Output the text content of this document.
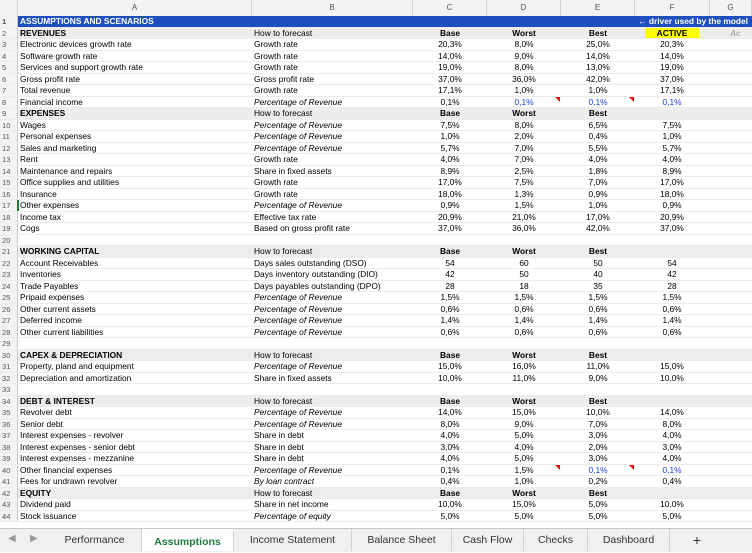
A	B	C	D	E	F	G
1	ASSUMPTIONS AND SCENARIOS	← driver used by the model
2	REVENUES	How to forecast	Base	Worst	Best	ACTIVE	Ac
3	Electronic devices growth rate	Growth rate	20,3%	8,0%	25,0%	20,3%
4	Software growth rate	Growth rate	14,0%	9,0%	14,0%	14,0%
5	Services and support growth rate	Growth rate	19,0%	8,0%	13,0%	19,0%
6	Gross profit rate	Gross profit rate	37,0%	36,0%	42,0%	37,0%
7	Total revenue	Growth rate	17,1%	1,0%	1,0%	17,1%
8	Financial income	Percentage of Revenue	0,1%	0,1%	0,1%	0,1%
9	EXPENSES	How to forecast	Base	Worst	Best
10	Wages	Percentage of Revenue	7,5%	8,0%	6,5%	7,5%
11	Personal expenses	Percentage of Revenue	1,0%	2,0%	0,4%	1,0%
12	Sales and marketing	Percentage of Revenue	5,7%	7,0%	5,5%	5,7%
13	Rent	Growth rate	4,0%	7,0%	4,0%	4,0%
14	Maintenance and repairs	Share in fixed assets	8,9%	2,5%	1,8%	8,9%
15	Office supplies and utilities	Growth rate	17,0%	7,5%	7,0%	17,0%
16	Insurance	Growth rate	18,0%	1,3%	0,9%	18,0%
17	Other expenses	Percentage of Revenue	0,9%	1,5%	1,0%	0,9%
18	Income tax	Effective tax rate	20,9%	21,0%	17,0%	20,9%
19	Cogs	Based on gross profit rate	37,0%	36,0%	42,0%	37,0%
20
21	WORKING CAPITAL	How to forecast	Base	Worst	Best
22	Account Receivables	Days sales outstanding (DSO)	54	60	50	54
23	Inventories	Days inventory outstanding (DIO)	42	50	40	42
24	Trade Payables	Days payables outstanding (DPO)	28	18	35	28
25	Pripaid expenses	Percentage of Revenue	1,5%	1,5%	1,5%	1,5%
26	Other current assets	Percentage of Revenue	0,6%	0,6%	0,6%	0,6%
27	Deferred income	Percentage of Revenue	1,4%	1,4%	1,4%	1,4%
28	Other current liabilities	Percentage of Revenue	0,6%	0,6%	0,6%	0,6%
29
30	CAPEX & DEPRECIATION	How to forecast	Base	Worst	Best
31	Property, pland and equipment	Percentage of Revenue	15,0%	16,0%	11,0%	15,0%
32	Depreciation and amortization	Share in fixed assets	10,0%	11,0%	9,0%	10,0%
33
34	DEBT & INTEREST	How to forecast	Base	Worst	Best
35	Revolver debt	Percentage of Revenue	14,0%	15,0%	10,0%	14,0%
36	Senior debt	Percentage of Revenue	8,0%	9,0%	7,0%	8,0%
37	Interest expenses - revolver	Share in debt	4,0%	5,0%	3,0%	4,0%
38	Interest expenses - senior debt	Share in debt	3,0%	4,0%	2,0%	3,0%
39	Interest expenses - mezzanine	Share in debt	4,0%	5,0%	3,0%	4,0%
40	Other financial expenses	Percentage of Revenue	0,1%	1,5%	0,1%	0,1%
41	Fees for undrawn revolver	By loan contract	0,4%	1,0%	0,2%	0,4%
42	EQUITY	How to forecast	Base	Worst	Best
43	Dividend paid	Share in net income	10,0%	15,0%	5,0%	10,0%
44	Stock issuance	Percentage of equity	5,0%	5,0%	5,0%	5,0%
◀ ▶	Performance	Assumptions	Income Statement	Balance Sheet	Cash Flow	Checks	Dashboard	+
